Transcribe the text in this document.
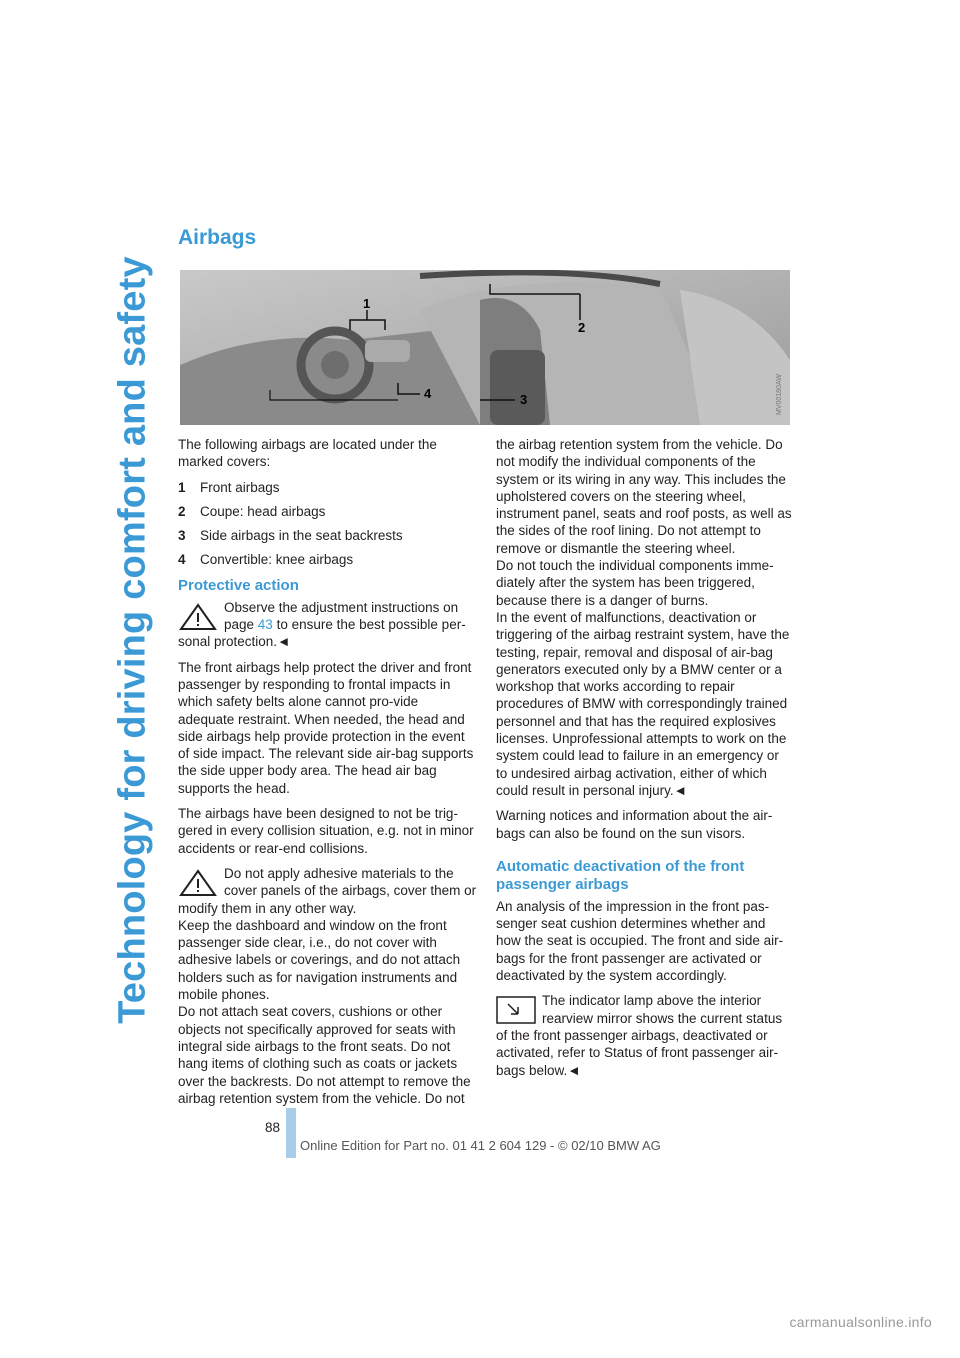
Technology for driving comfort and safety
Airbags
1
2
4	3	MV00180AW

The following airbags are located under the marked covers:

1 Front airbags
2 Coupe: head airbags
3 Side airbags in the seat backrests
4 Convertible: knee airbags
Protective action

Observe the adjustment instructions on page 43 to ensure the best possible per-sonal protection.◄

The front airbags help protect the driver and front passenger by responding to frontal impacts in which safety belts alone cannot pro-vide adequate restraint. When needed, the head and side airbags help provide protection in the event of side impact. The relevant side air-bag supports the side upper body area. The head air bag supports the head.

The airbags have been designed to not be trig-gered in every collision situation, e.g. not in minor accidents or rear-end collisions.

Do not apply adhesive materials to the cover panels of the airbags, cover them or modify them in any other way.

Keep the dashboard and window on the front passenger side clear, i.e., do not cover with adhesive labels or coverings, and do not attach holders such as for navigation instruments and mobile phones.

Do not attach seat covers, cushions or other objects not specifically approved for seats with integral side airbags to the front seats. Do not hang items of clothing such as coats or jackets over the backrests. Do not attempt to remove the airbag retention system from the vehicle. Do not

the airbag retention system from the vehicle. Do not modify the individual components of the system or its wiring in any way. This includes the upholstered covers on the steering wheel, instrument panel, seats and roof posts, as well as the sides of the roof lining. Do not attempt to remove or dismantle the steering wheel.

Do not touch the individual components imme-diately after the system has been triggered, because there is a danger of burns.

In the event of malfunctions, deactivation or triggering of the airbag restraint system, have the testing, repair, removal and disposal of air-bag generators executed only by a BMW center or a workshop that works according to repair procedures of BMW with correspondingly trained personnel and that has the required explosives licenses. Unprofessional attempts to work on the system could lead to failure in an emergency or to undesired airbag activation, either of which could result in personal injury.◄

Warning notices and information about the air-bags can also be found on the sun visors.

Automatic deactivation of the front passenger airbags

An analysis of the impression in the front pas-senger seat cushion determines whether and how the seat is occupied. The front and side air-bags for the front passenger are activated or deactivated by the system accordingly.

The indicator lamp above the interior rearview mirror shows the current status of the front passenger airbags, deactivated or activated, refer to Status of front passenger air-bags below.◄

88
Online Edition for Part no. 01 41 2 604 129 - © 02/10 BMW AG
carmanualsonline.info
